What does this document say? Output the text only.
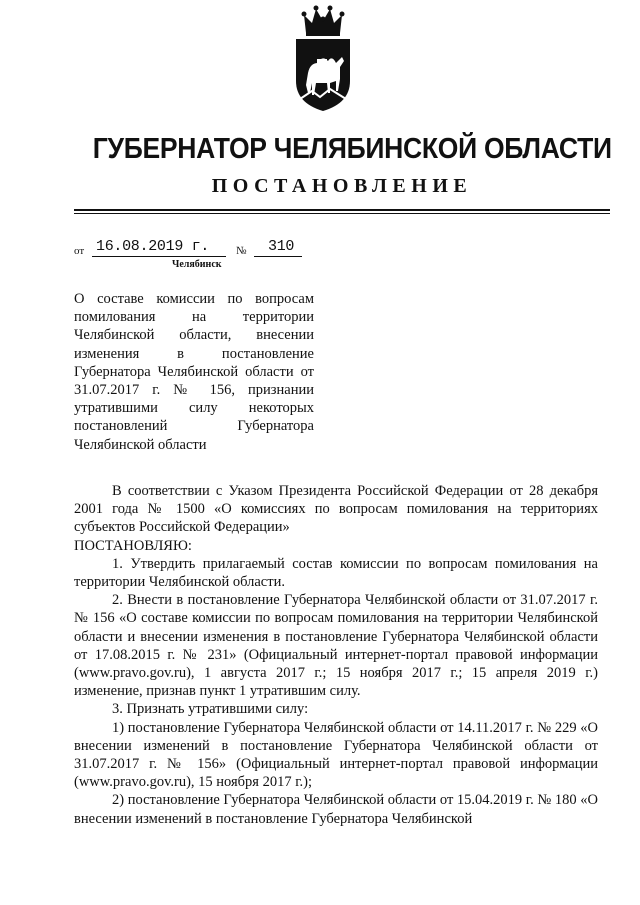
ГУБЕРНАТОР ЧЕЛЯБИНСКОЙ ОБЛАСТИ
ПОСТАНОВЛЕНИЕ
от 16.08.2019 г. № 310
Челябинск
О составе комиссии по вопросам помилования на территории Челябинской области, внесении изменения в постановление Губернатора Челябинской области от 31.07.2017 г. № 156, признании утратившими силу некоторых постановлений Губернатора Челябинской области

В соответствии с Указом Президента Российской Федерации от 28 декабря 2001 года № 1500 «О комиссиях по вопросам помилования на территориях субъектов Российской Федерации»

ПОСТАНОВЛЯЮ:

1. Утвердить прилагаемый состав комиссии по вопросам помилования на территории Челябинской области.

2. Внести в постановление Губернатора Челябинской области от 31.07.2017 г. № 156 «О составе комиссии по вопросам помилования на территории Челябинской области и внесении изменения в постановление Губернатора Челябинской области от 17.08.2015 г. № 231» (Официальный интернет-портал правовой информации (www.pravo.gov.ru), 1 августа 2017 г.; 15 ноября 2017 г.; 15 апреля 2019 г.) изменение, признав пункт 1 утратившим силу.

3. Признать утратившими силу:

1) постановление Губернатора Челябинской области от 14.11.2017 г. № 229 «О внесении изменений в постановление Губернатора Челябинской области от 31.07.2017 г. № 156» (Официальный интернет-портал правовой информации (www.pravo.gov.ru), 15 ноября 2017 г.);

2) постановление Губернатора Челябинской области от 15.04.2019 г. № 180 «О внесении изменений в постановление Губернатора Челябинской
